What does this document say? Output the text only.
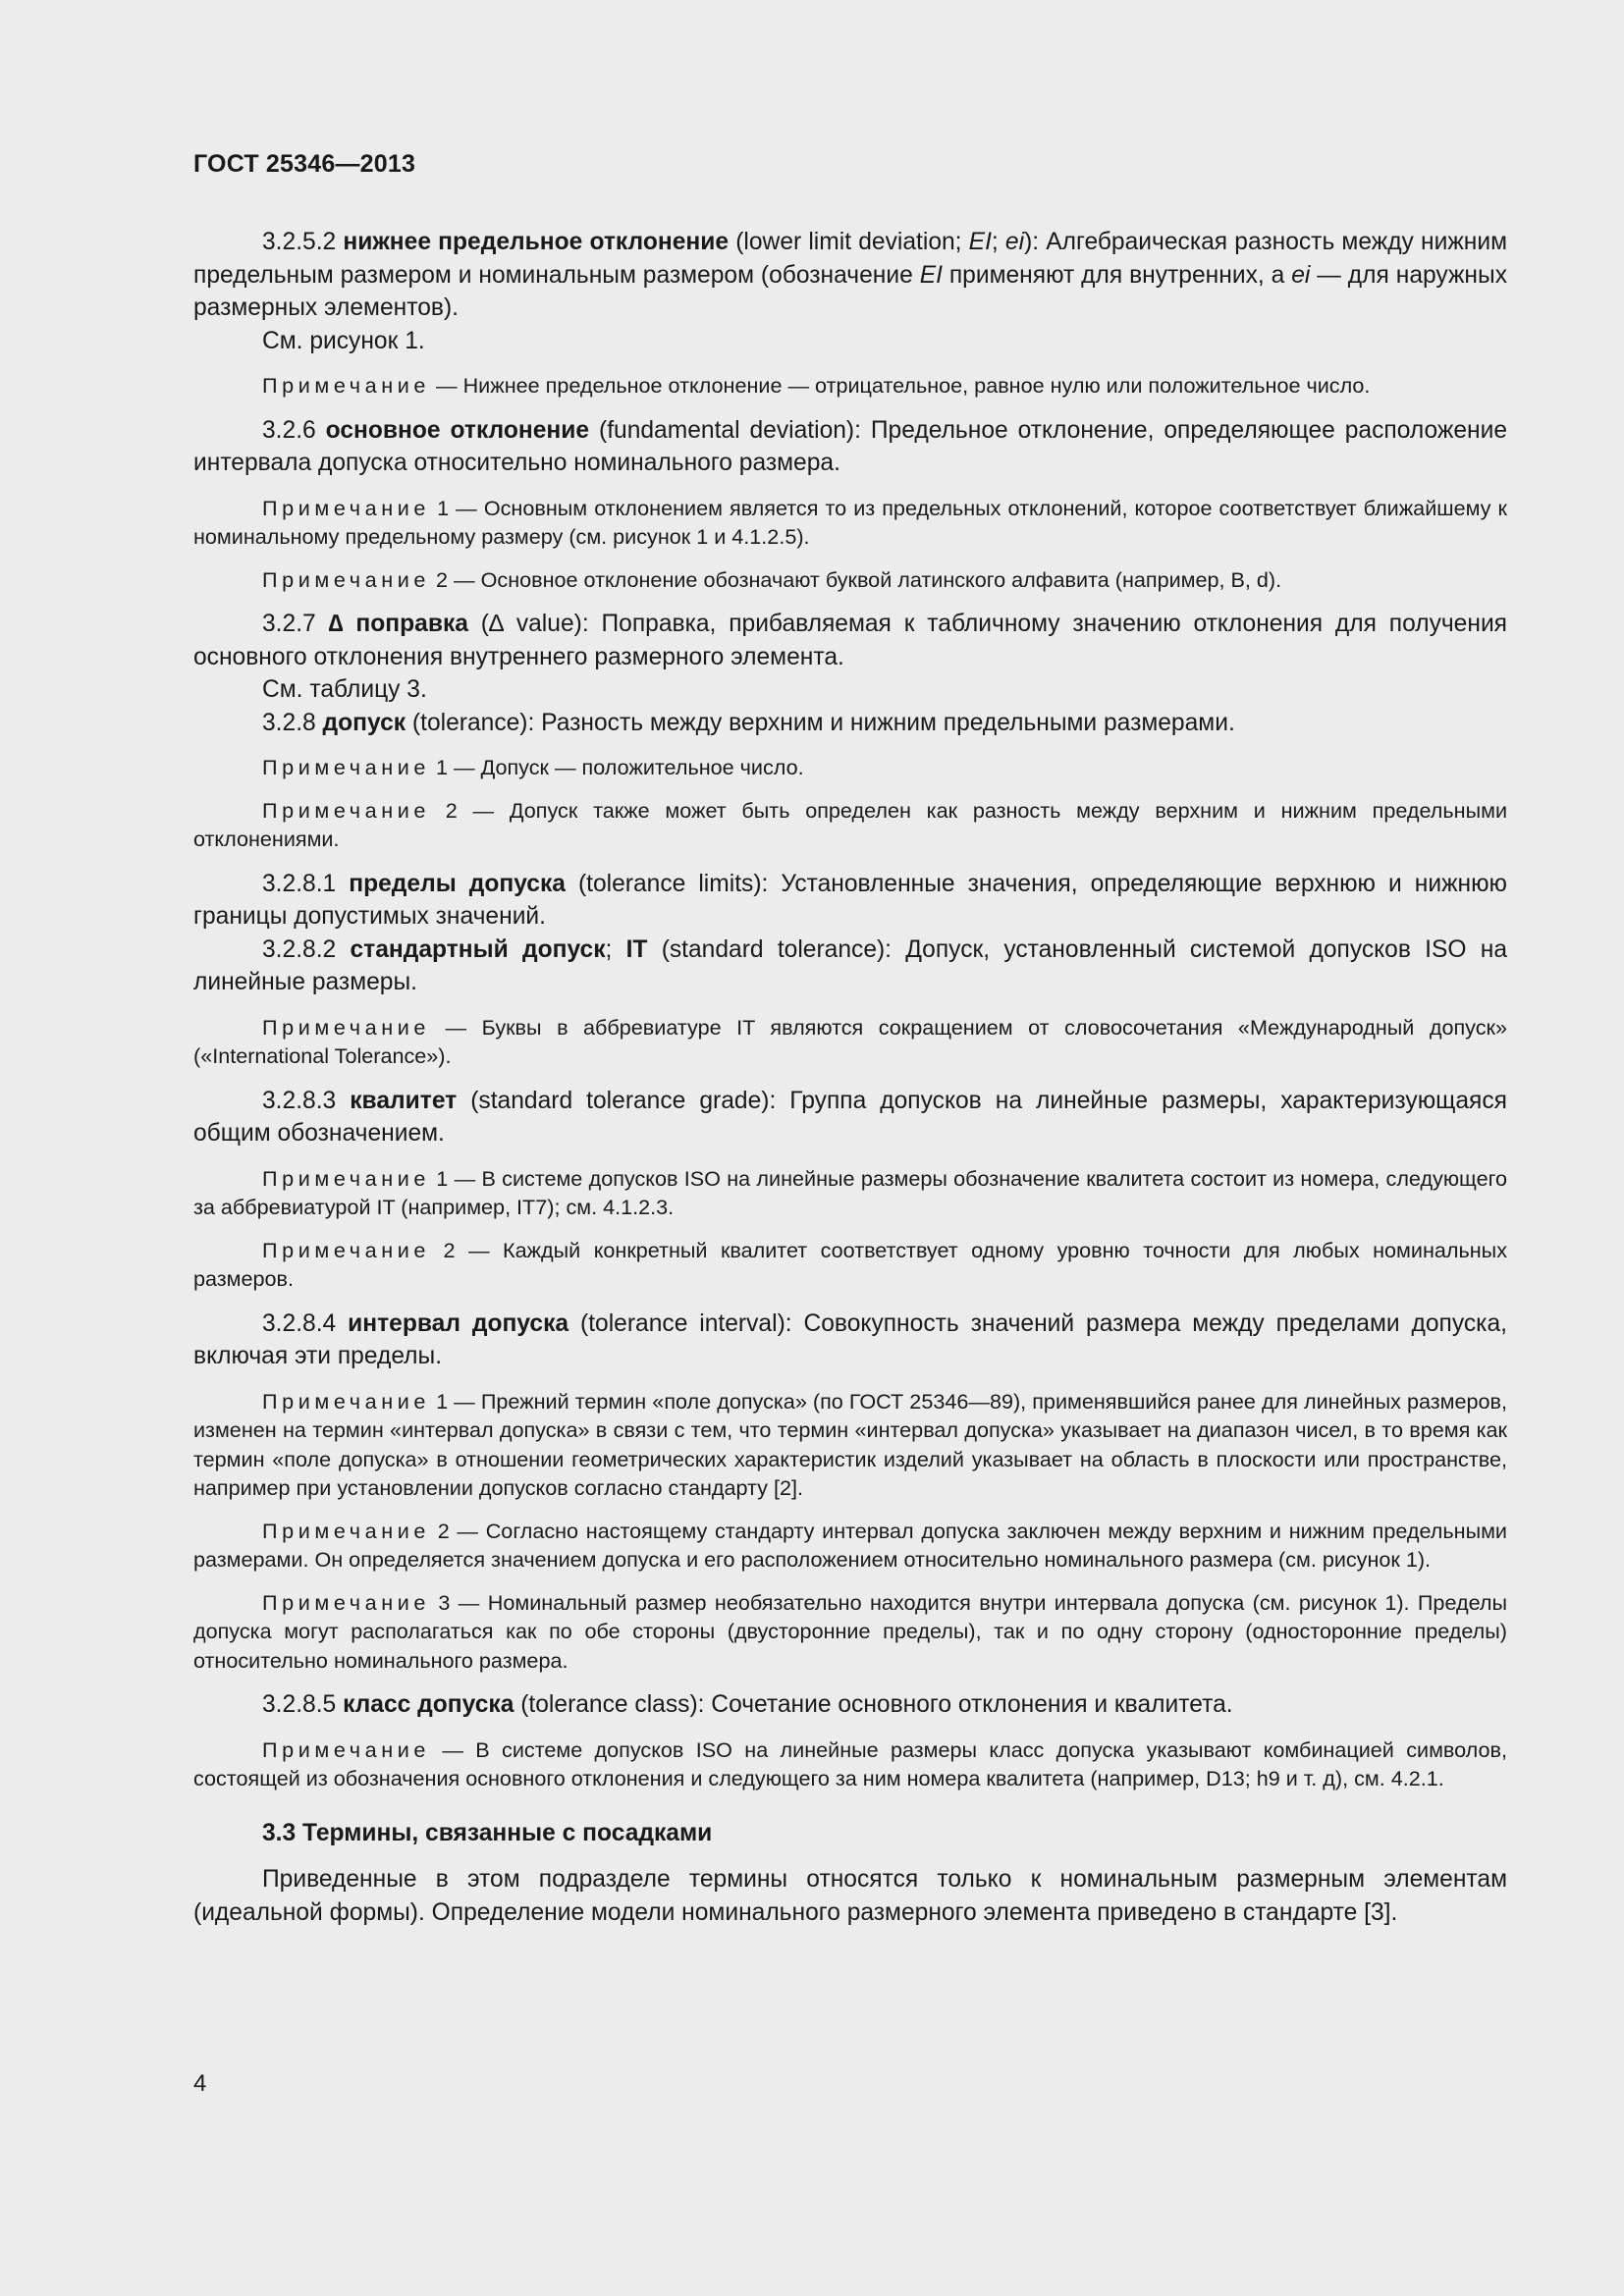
ГОСТ 25346—2013

3.2.5.2 нижнее предельное отклонение (lower limit deviation; EI; ei): Алгебраическая разность между нижним предельным размером и номинальным размером (обозначение EI применяют для внутренних, а ei — для наружных размерных элементов).

См. рисунок 1.

Примечание — Нижнее предельное отклонение — отрицательное, равное нулю или положительное число.

3.2.6 основное отклонение (fundamental deviation): Предельное отклонение, определяющее расположение интервала допуска относительно номинального размера.

Примечание 1 — Основным отклонением является то из предельных отклонений, которое соответствует ближайшему к номинальному предельному размеру (см. рисунок 1 и 4.1.2.5).

Примечание 2 — Основное отклонение обозначают буквой латинского алфавита (например, B, d).

3.2.7 ∆ поправка (∆ value): Поправка, прибавляемая к табличному значению отклонения для получения основного отклонения внутреннего размерного элемента.

См. таблицу 3.

3.2.8 допуск (tolerance): Разность между верхним и нижним предельными размерами.

Примечание 1 — Допуск — положительное число.

Примечание 2 — Допуск также может быть определен как разность между верхним и нижним предельными отклонениями.

3.2.8.1 пределы допуска (tolerance limits): Установленные значения, определяющие верхнюю и нижнюю границы допустимых значений.

3.2.8.2 стандартный допуск; IT (standard tolerance): Допуск, установленный системой допусков ISO на линейные размеры.

Примечание — Буквы в аббревиатуре IT являются сокращением от словосочетания «Международный допуск» («International Tolerance»).

3.2.8.3 квалитет (standard tolerance grade): Группа допусков на линейные размеры, характеризующаяся общим обозначением.

Примечание 1 — В системе допусков ISO на линейные размеры обозначение квалитета состоит из номера, следующего за аббревиатурой IT (например, IT7); см. 4.1.2.3.

Примечание 2 — Каждый конкретный квалитет соответствует одному уровню точности для любых номинальных размеров.

3.2.8.4 интервал допуска (tolerance interval): Совокупность значений размера между пределами допуска, включая эти пределы.

Примечание 1 — Прежний термин «поле допуска» (по ГОСТ 25346—89), применявшийся ранее для линейных размеров, изменен на термин «интервал допуска» в связи с тем, что термин «интервал допуска» указывает на диапазон чисел, в то время как термин «поле допуска» в отношении геометрических характеристик изделий указывает на область в плоскости или пространстве, например при установлении допусков согласно стандарту [2].

Примечание 2 — Согласно настоящему стандарту интервал допуска заключен между верхним и нижним предельными размерами. Он определяется значением допуска и его расположением относительно номинального размера (см. рисунок 1).

Примечание 3 — Номинальный размер необязательно находится внутри интервала допуска (см. рисунок 1). Пределы допуска могут располагаться как по обе стороны (двусторонние пределы), так и по одну сторону (односторонние пределы) относительно номинального размера.

3.2.8.5 класс допуска (tolerance class): Сочетание основного отклонения и квалитета.

Примечание — В системе допусков ISO на линейные размеры класс допуска указывают комбинацией символов, состоящей из обозначения основного отклонения и следующего за ним номера квалитета (например, D13; h9 и т. д), см. 4.2.1.

3.3 Термины, связанные с посадками

Приведенные в этом подразделе термины относятся только к номинальным размерным элементам (идеальной формы). Определение модели номинального размерного элемента приведено в стандарте [3].

4
